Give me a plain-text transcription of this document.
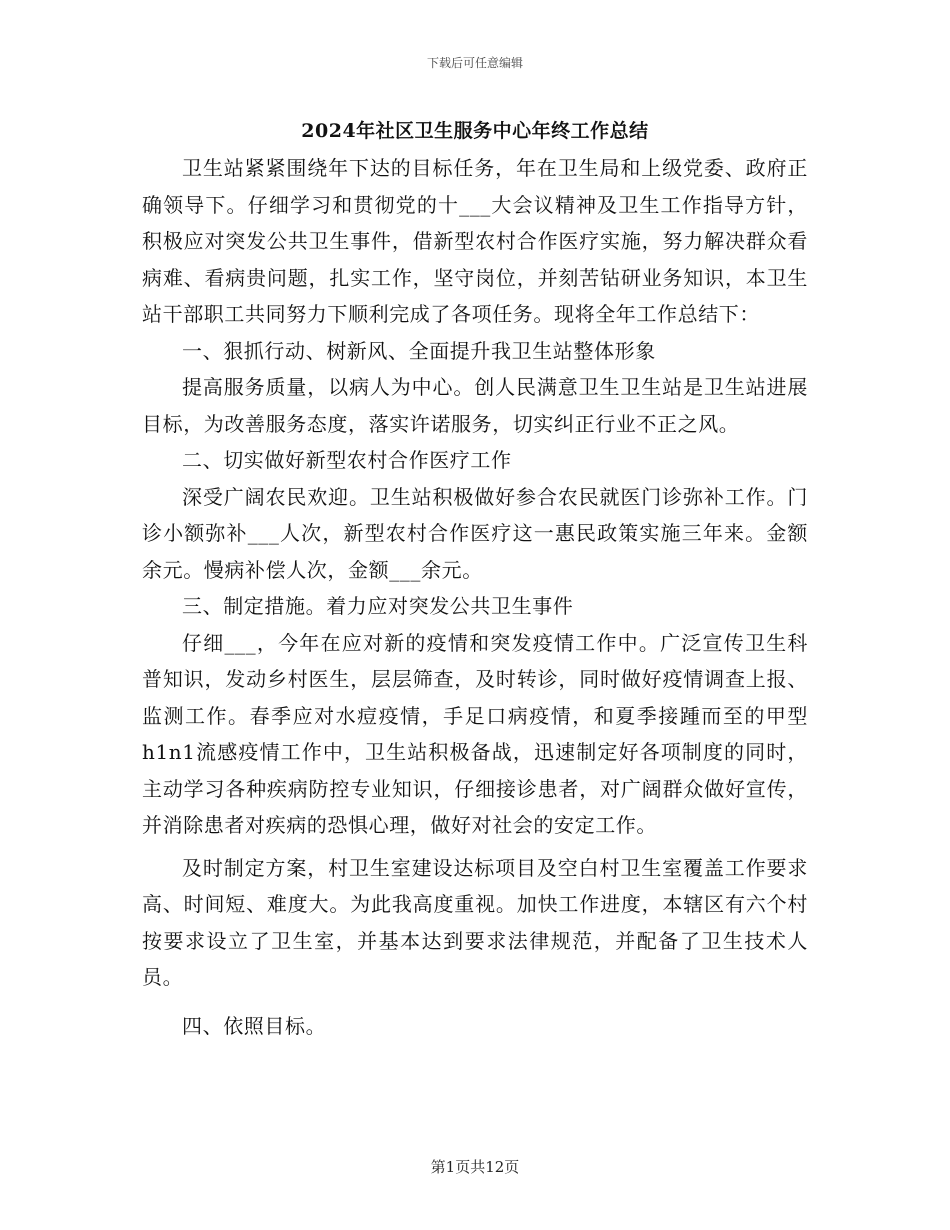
下载后可任意编辑
2024年社区卫生服务中心年终工作总结

卫生站紧紧围绕年下达的目标任务，年在卫生局和上级党委、政府正确领导下。仔细学习和贯彻党的十___大会议精神及卫生工作指导方针，积极应对突发公共卫生事件，借新型农村合作医疗实施，努力解决群众看病难、看病贵问题，扎实工作，坚守岗位，并刻苦钻研业务知识，本卫生站干部职工共同努力下顺利完成了各项任务。现将全年工作总结下：

一、狠抓行动、树新风、全面提升我卫生站整体形象

提高服务质量，以病人为中心。创人民满意卫生卫生站是卫生站进展目标，为改善服务态度，落实许诺服务，切实纠正行业不正之风。

二、切实做好新型农村合作医疗工作

深受广阔农民欢迎。卫生站积极做好参合农民就医门诊弥补工作。门诊小额弥补___人次，新型农村合作医疗这一惠民政策实施三年来。金额余元。慢病补偿人次，金额___余元。

三、制定措施。着力应对突发公共卫生事件

仔细___，今年在应对新的疫情和突发疫情工作中。广泛宣传卫生科普知识，发动乡村医生，层层筛查，及时转诊，同时做好疫情调查上报、监测工作。春季应对水痘疫情，手足口病疫情，和夏季接踵而至的甲型h1n1流感疫情工作中，卫生站积极备战，迅速制定好各项制度的同时，主动学习各种疾病防控专业知识，仔细接诊患者，对广阔群众做好宣传，并消除患者对疾病的恐惧心理，做好对社会的安定工作。

及时制定方案，村卫生室建设达标项目及空白村卫生室覆盖工作要求高、时间短、难度大。为此我高度重视。加快工作进度，本辖区有六个村按要求设立了卫生室，并基本达到要求法律规范，并配备了卫生技术人员。

四、依照目标。

第1页共12页
